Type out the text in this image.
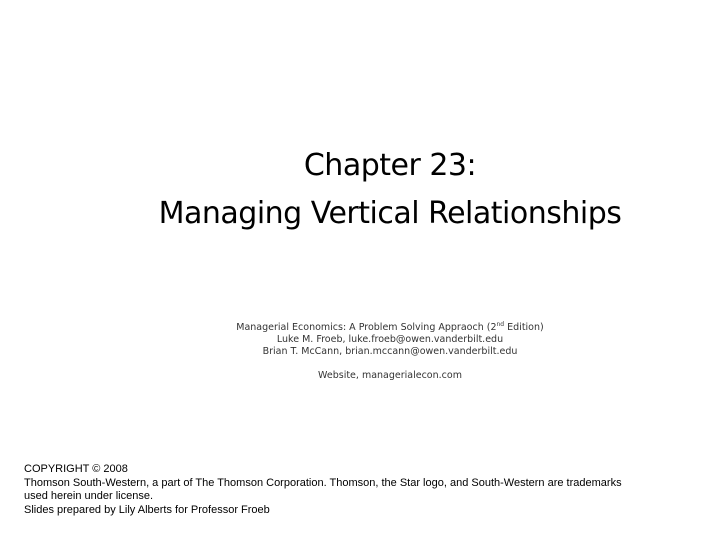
Chapter 23:
Managing Vertical Relationships
Managerial Economics: A Problem Solving Appraoch (2nd Edition)
Luke M. Froeb, luke.froeb@owen.vanderbilt.edu
Brian T. McCann, brian.mccann@owen.vanderbilt.edu
Website, managerialecon.com
COPYRIGHT © 2008
Thomson South-Western, a part of The Thomson Corporation. Thomson, the Star logo, and South-Western are trademarks
used herein under license.
Slides prepared by Lily Alberts for Professor Froeb
